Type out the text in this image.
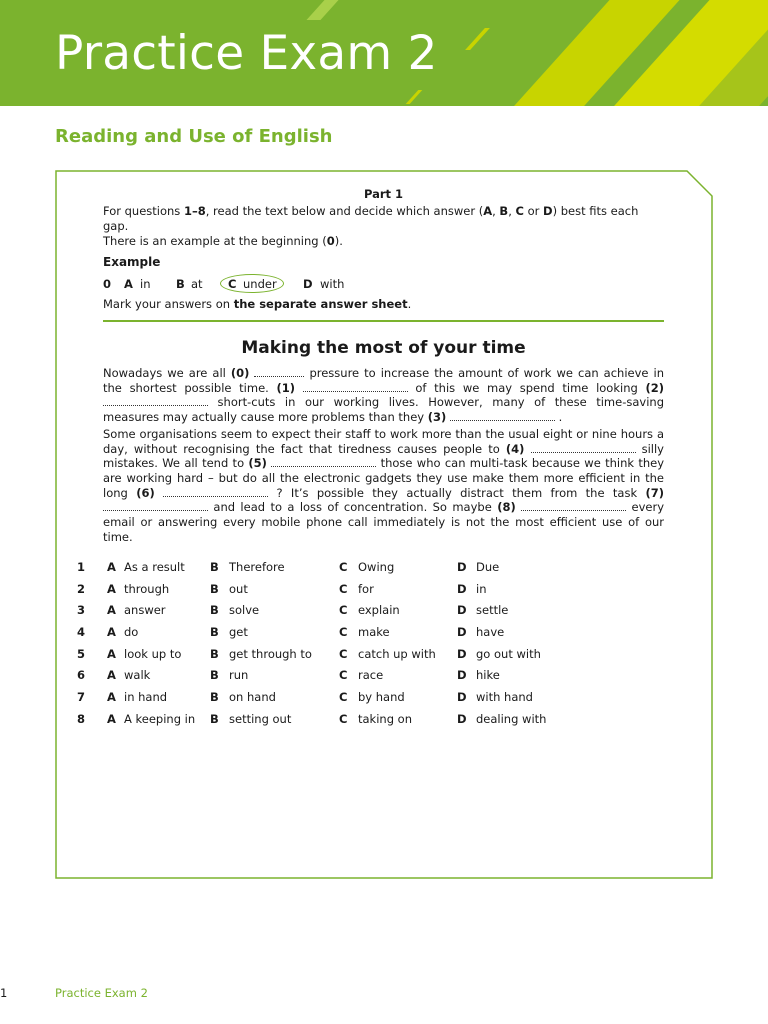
Practice Exam 2
Reading and Use of English

Part 1

For questions 1–8, read the text below and decide which answer (A, B, C or D) best fits each gap.

There is an example at the beginning (0).

Example

0 A in B at C under D with

Mark your answers on the separate answer sheet.

Making the most of your time

Nowadays we are all (0)	pressure to increase the amount of work we can achieve in the shortest possible time. (1)	of this we may spend time looking (2)  short-cuts in our working lives. However, many of these time-saving measures may actually cause more problems than they (3)	.

Some organisations seem to expect their staff to work more than the usual eight or nine hours a day, without recognising the fact that tiredness causes people to (4)	silly mistakes. We all tend to (5)	those who can multi-task because we think they are working hard – but do all the electronic gadgets they use make them more efficient in the long (6)	? It’s possible they actually distract them from the task (7)  and lead to a loss of concentration. So maybe (8)	every email or answering every mobile phone call immediately is not the most efficient use of our time.

1 A As a result B Therefore	C Owing	D Due
2 A through	B out	C for	D in
3 A answer	B solve	C explain	D settle
4 A do	B get	C make	D have
5 A look up to B get through to C catch up with D go out with
6 A walk	B run	C race	D hike
7 A in hand	B on hand	C by hand	D with hand
8 A A keeping in B setting out	C taking on	D dealing with
1	Practice Exam 2
